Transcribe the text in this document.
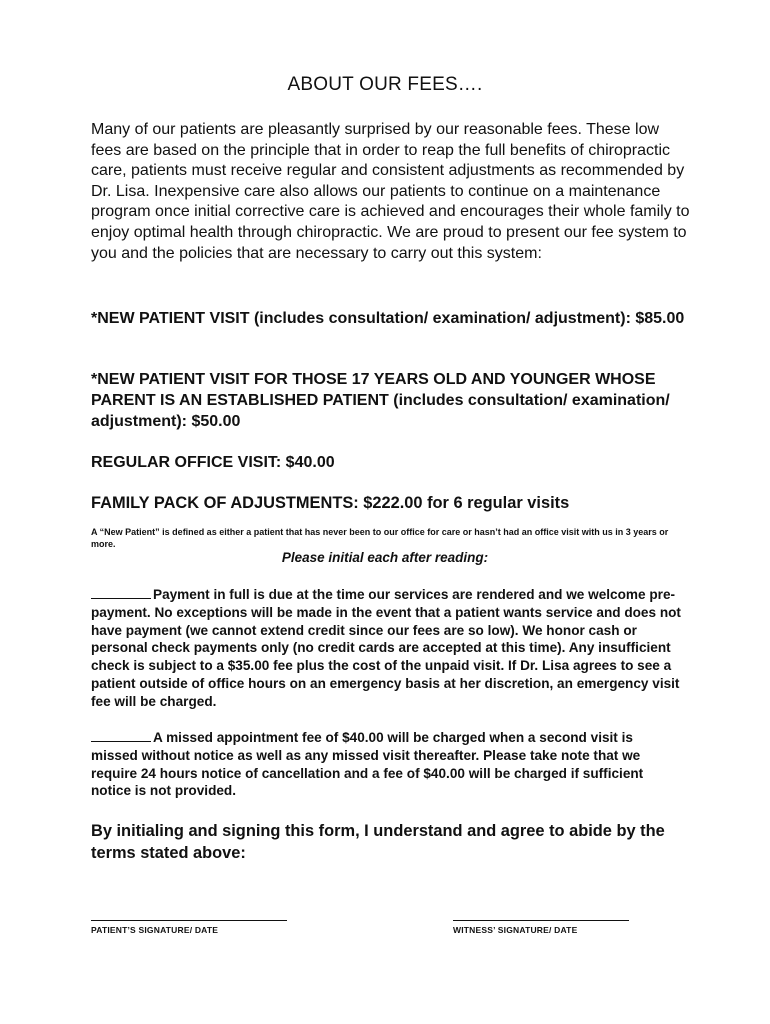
ABOUT OUR FEES….

Many of our patients are pleasantly surprised by our reasonable fees. These low fees are based on the principle that in order to reap the full benefits of chiropractic care, patients must receive regular and consistent adjustments as recommended by Dr. Lisa. Inexpensive care also allows our patients to continue on a maintenance program once initial corrective care is achieved and encourages their whole family to enjoy optimal health through chiropractic. We are proud to present our fee system to you and the policies that are necessary to carry out this system:

*NEW PATIENT VISIT (includes consultation/ examination/ adjustment): $85.00

*NEW PATIENT VISIT FOR THOSE 17 YEARS OLD AND YOUNGER WHOSE PARENT IS AN ESTABLISHED PATIENT (includes consultation/ examination/ adjustment): $50.00

REGULAR OFFICE VISIT: $40.00

FAMILY PACK OF ADJUSTMENTS: $222.00 for 6 regular visits

A “New Patient” is defined as either a patient that has never been to our office for care or hasn’t had an office visit with us in 3 years or more.

Please initial each after reading:

Payment in full is due at the time our services are rendered and we welcome pre-payment. No exceptions will be made in the event that a patient wants service and does not have payment (we cannot extend credit since our fees are so low). We honor cash or personal check payments only (no credit cards are accepted at this time). Any insufficient check is subject to a $35.00 fee plus the cost of the unpaid visit. If Dr. Lisa agrees to see a patient outside of office hours on an emergency basis at her discretion, an emergency visit fee will be charged.

A missed appointment fee of $40.00 will be charged when a second visit is missed without notice as well as any missed visit thereafter. Please take note that we require 24 hours notice of cancellation and a fee of $40.00 will be charged if sufficient notice is not provided.

By initialing and signing this form, I understand and agree to abide by the terms stated above:

PATIENT’S SIGNATURE/ DATE	WITNESS’ SIGNATURE/ DATE
